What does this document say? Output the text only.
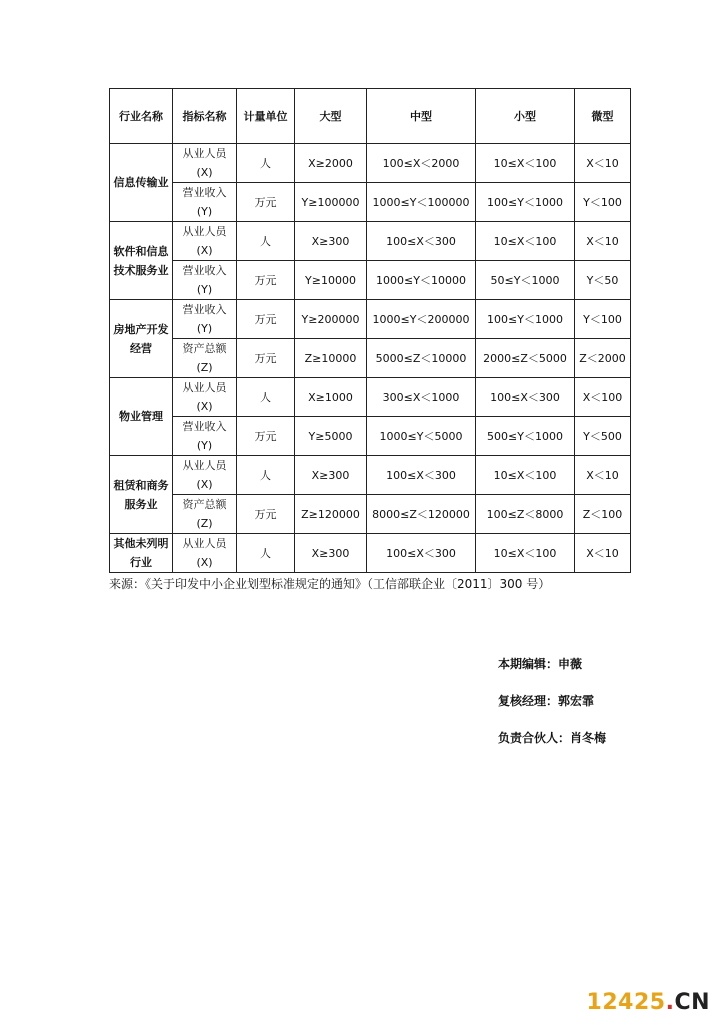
行业名称	指标名称	计量单位	大型	中型	小型	微型
信息传输业	从业人员(X)	人	X≥2000	100≤X＜2000	10≤X＜100	X＜10
	营业收入(Y)	万元	Y≥100000	1000≤Y＜100000	100≤Y＜1000	Y＜100
软件和信息技术服务业	从业人员(X)	人	X≥300	100≤X＜300	10≤X＜100	X＜10
	营业收入(Y)	万元	Y≥10000	1000≤Y＜10000	50≤Y＜1000	Y＜50
房地产开发经营	营业收入(Y)	万元	Y≥200000	1000≤Y＜200000	100≤Y＜1000	Y＜100
	资产总额(Z)	万元	Z≥10000	5000≤Z＜10000	2000≤Z＜5000	Z＜2000
物业管理	从业人员(X)	人	X≥1000	300≤X＜1000	100≤X＜300	X＜100
	营业收入(Y)	万元	Y≥5000	1000≤Y＜5000	500≤Y＜1000	Y＜500
租赁和商务服务业	从业人员(X)	人	X≥300	100≤X＜300	10≤X＜100	X＜10
	资产总额(Z)	万元	Z≥120000	8000≤Z＜120000	100≤Z＜8000	Z＜100
其他未列明行业	从业人员(X)	人	X≥300	100≤X＜300	10≤X＜100	X＜10
来源：《关于印发中小企业划型标准规定的通知》（工信部联企业〔2011〕300 号）
本期编辑：申薇
复核经理：郭宏霏
负责合伙人：肖冬梅
12425.CN
